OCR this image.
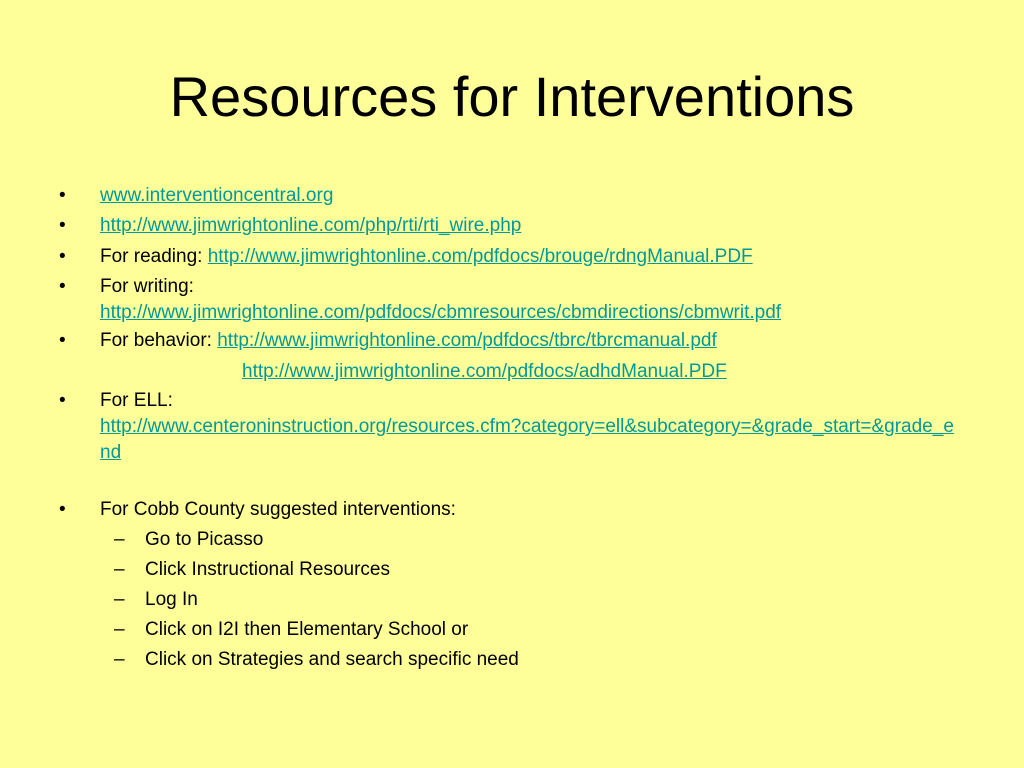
Resources for Interventions
• www.interventioncentral.org
• http://www.jimwrightonline.com/php/rti/rti_wire.php
• For reading: http://www.jimwrightonline.com/pdfdocs/brouge/rdngManual.PDF
• For writing:
http://www.jimwrightonline.com/pdfdocs/cbmresources/cbmdirections/cbmwrit.pdf
• For behavior: http://www.jimwrightonline.com/pdfdocs/tbrc/tbrcmanual.pdf
http://www.jimwrightonline.com/pdfdocs/adhdManual.PDF
• For ELL:
http://www.centeroninstruction.org/resources.cfm?category=ell&subcategory=&grade_start=&grade_end
• For Cobb County suggested interventions:
– Go to Picasso
– Click Instructional Resources
– Log In
– Click on I2I then Elementary School or
– Click on Strategies and search specific need
